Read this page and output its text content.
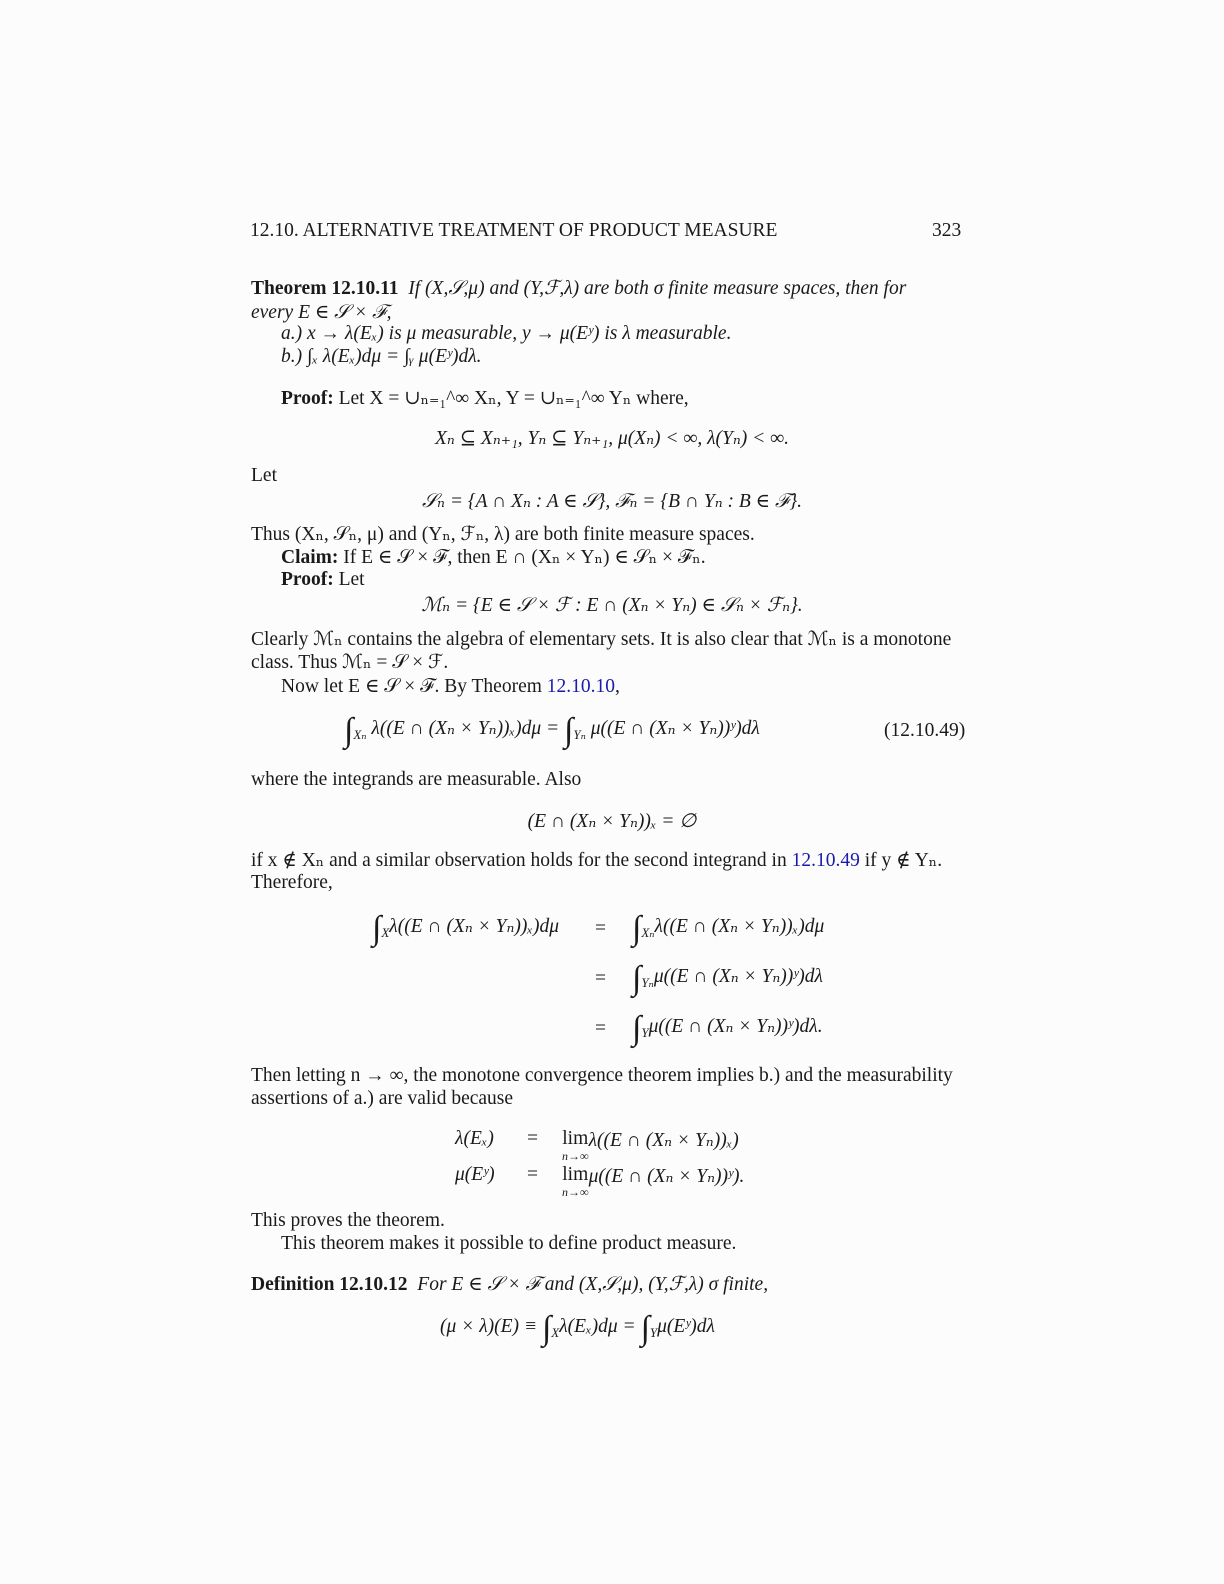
12.10. ALTERNATIVE TREATMENT OF PRODUCT MEASURE	323
Theorem 12.10.11 If (X,𝒮,μ) and (Y,ℱ,λ) are both σ finite measure spaces, then for
every E ∈ 𝒮 × ℱ,
a.) x → λ(Eₓ) is μ measurable, y → μ(Eʸ) is λ measurable.
b.) ∫ₓ λ(Eₓ)dμ = ∫ᵧ μ(Eʸ)dλ.
Proof: Let X = ∪ₙ₌₁^∞ Xₙ, Y = ∪ₙ₌₁^∞ Yₙ where,
Xₙ ⊆ Xₙ₊₁, Yₙ ⊆ Yₙ₊₁, μ(Xₙ) < ∞, λ(Yₙ) < ∞.
Let
𝒮ₙ = {A ∩ Xₙ : A ∈ 𝒮}, ℱₙ = {B ∩ Yₙ : B ∈ ℱ}.
Thus (Xₙ, 𝒮ₙ, μ) and (Yₙ, ℱₙ, λ) are both finite measure spaces.
Claim: If E ∈ 𝒮 × ℱ, then E ∩ (Xₙ × Yₙ) ∈ 𝒮ₙ × ℱₙ.
Proof: Let
ℳₙ = {E ∈ 𝒮 × ℱ : E ∩ (Xₙ × Yₙ) ∈ 𝒮ₙ × ℱₙ}.
Clearly ℳₙ contains the algebra of elementary sets. It is also clear that ℳₙ is a monotone
class. Thus ℳₙ = 𝒮 × ℱ.
Now let E ∈ 𝒮 × ℱ. By Theorem 12.10.10,
$\int_{X_n}$ λ((E ∩ $(X_n \times Y_n))_x)d\mu = \int_{Y_n}$ μ((E ∩ (Xₙ × Yₙ))ʸ)dλ	(12.10.49)
where the integrands are measurable. Also
(E ∩ (Xₙ × Yₙ))ₓ = ∅
if x ∉ Xₙ and a similar observation holds for the second integrand in 12.10.49 if y ∉ Yₙ.
Therefore,
$\int_X\lambda((E$ ∩ $(X_n \times Y_n))_x)d\mu = \int_{X_n}\lambda((E$ ∩ (Xₙ × Yₙ))ₓ)dμ
= $\int_{Y_n}\mu((E$ ∩ (Xₙ × Yₙ))ʸ)dλ
= $\int_Y\mu((E$ ∩ (Xₙ × Yₙ))ʸ)dλ.
Then letting n → ∞, the monotone convergence theorem implies b.) and the measurability
assertions of a.) are valid because
λ(Eₓ) = lim
$^{n\to\infty}$λ((E ∩ (Xₙ × Yₙ))ₓ)
μ(Eʸ) = lim
$^{n\to\infty}$μ((E ∩ (Xₙ × Yₙ))ʸ).
This proves the theorem.
This theorem makes it possible to define product measure.
Definition 12.10.12 For E ∈ 𝒮 × ℱ and (X,𝒮,μ), (Y,ℱ,λ) σ finite,
$(\mu \times \lambda)(E) \equiv \int_X\lambda(E_x)d\mu$ = $\int_Y\mu(Eʸ)d\lambda$
